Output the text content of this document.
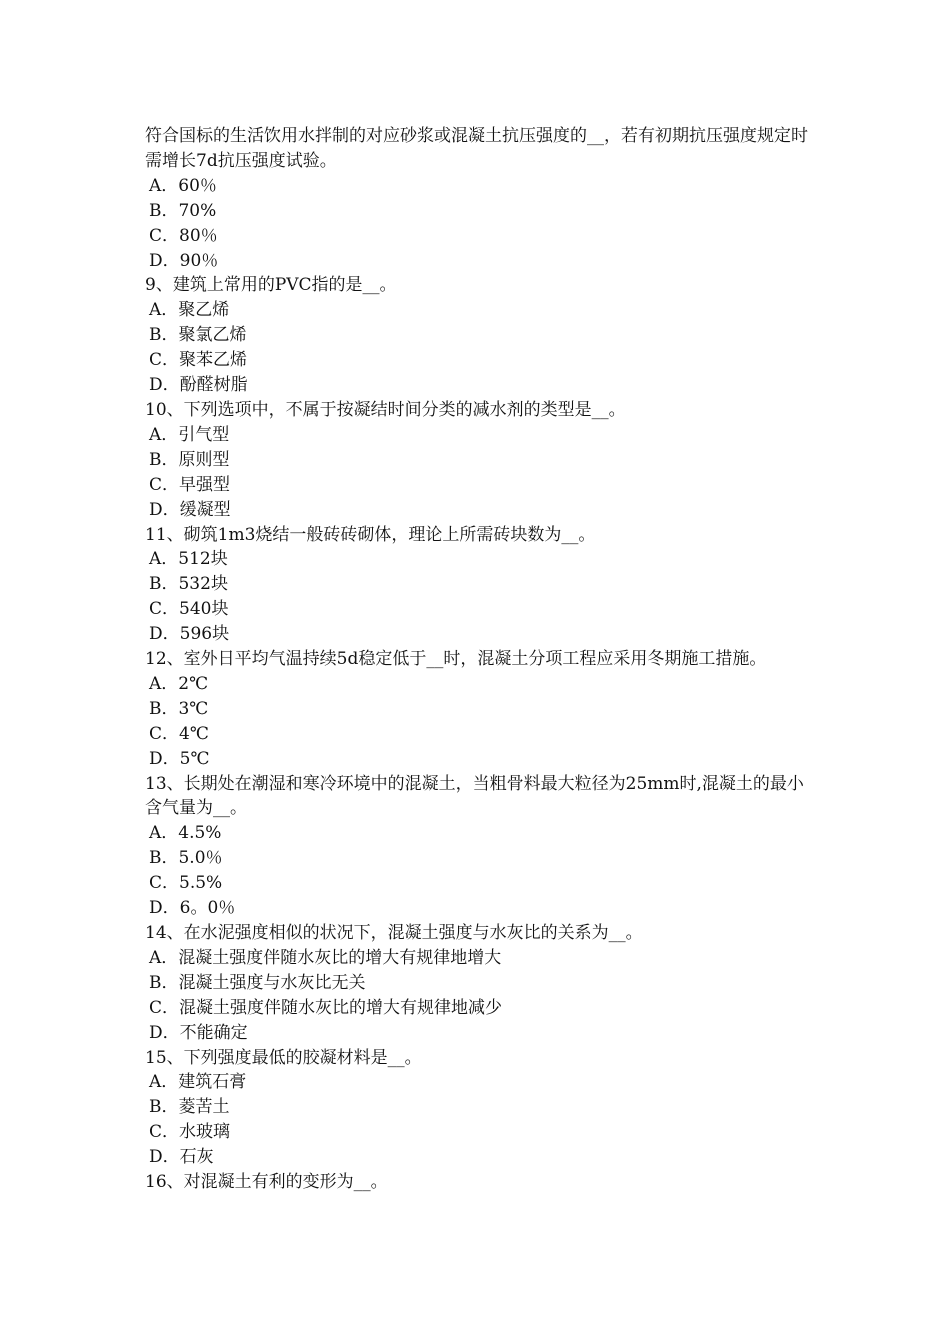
符合国标的生活饮用水拌制的对应砂浆或混凝土抗压强度的__，若有初期抗压强度规定时需增长7d抗压强度试验。
A．60％
B．70%
C．80％
D．90％
9、建筑上常用的PVC指的是__。
A．聚乙烯
B．聚氯乙烯
C．聚苯乙烯
D．酚醛树脂
10、下列选项中，不属于按凝结时间分类的减水剂的类型是__。
A．引气型
B．原则型
C．早强型
D．缓凝型
11、砌筑1m3烧结一般砖砖砌体，理论上所需砖块数为__。
A．512块
B．532块
C．540块
D．596块
12、室外日平均气温持续5d稳定低于__时，混凝土分项工程应采用冬期施工措施。
A．2℃
B．3℃
C．4℃
D．5℃
13、长期处在潮湿和寒冷环境中的混凝土，当粗骨料最大粒径为25mm时,混凝土的最小含气量为__。
A．4.5%
B．5.0％
C．5.5%
D．6。0％
14、在水泥强度相似的状况下，混凝土强度与水灰比的关系为__。
A．混凝土强度伴随水灰比的增大有规律地增大
B．混凝土强度与水灰比无关
C．混凝土强度伴随水灰比的增大有规律地减少
D．不能确定
15、下列强度最低的胶凝材料是__。
A．建筑石膏
B．菱苦土
C．水玻璃
D．石灰
16、对混凝土有利的变形为__。
